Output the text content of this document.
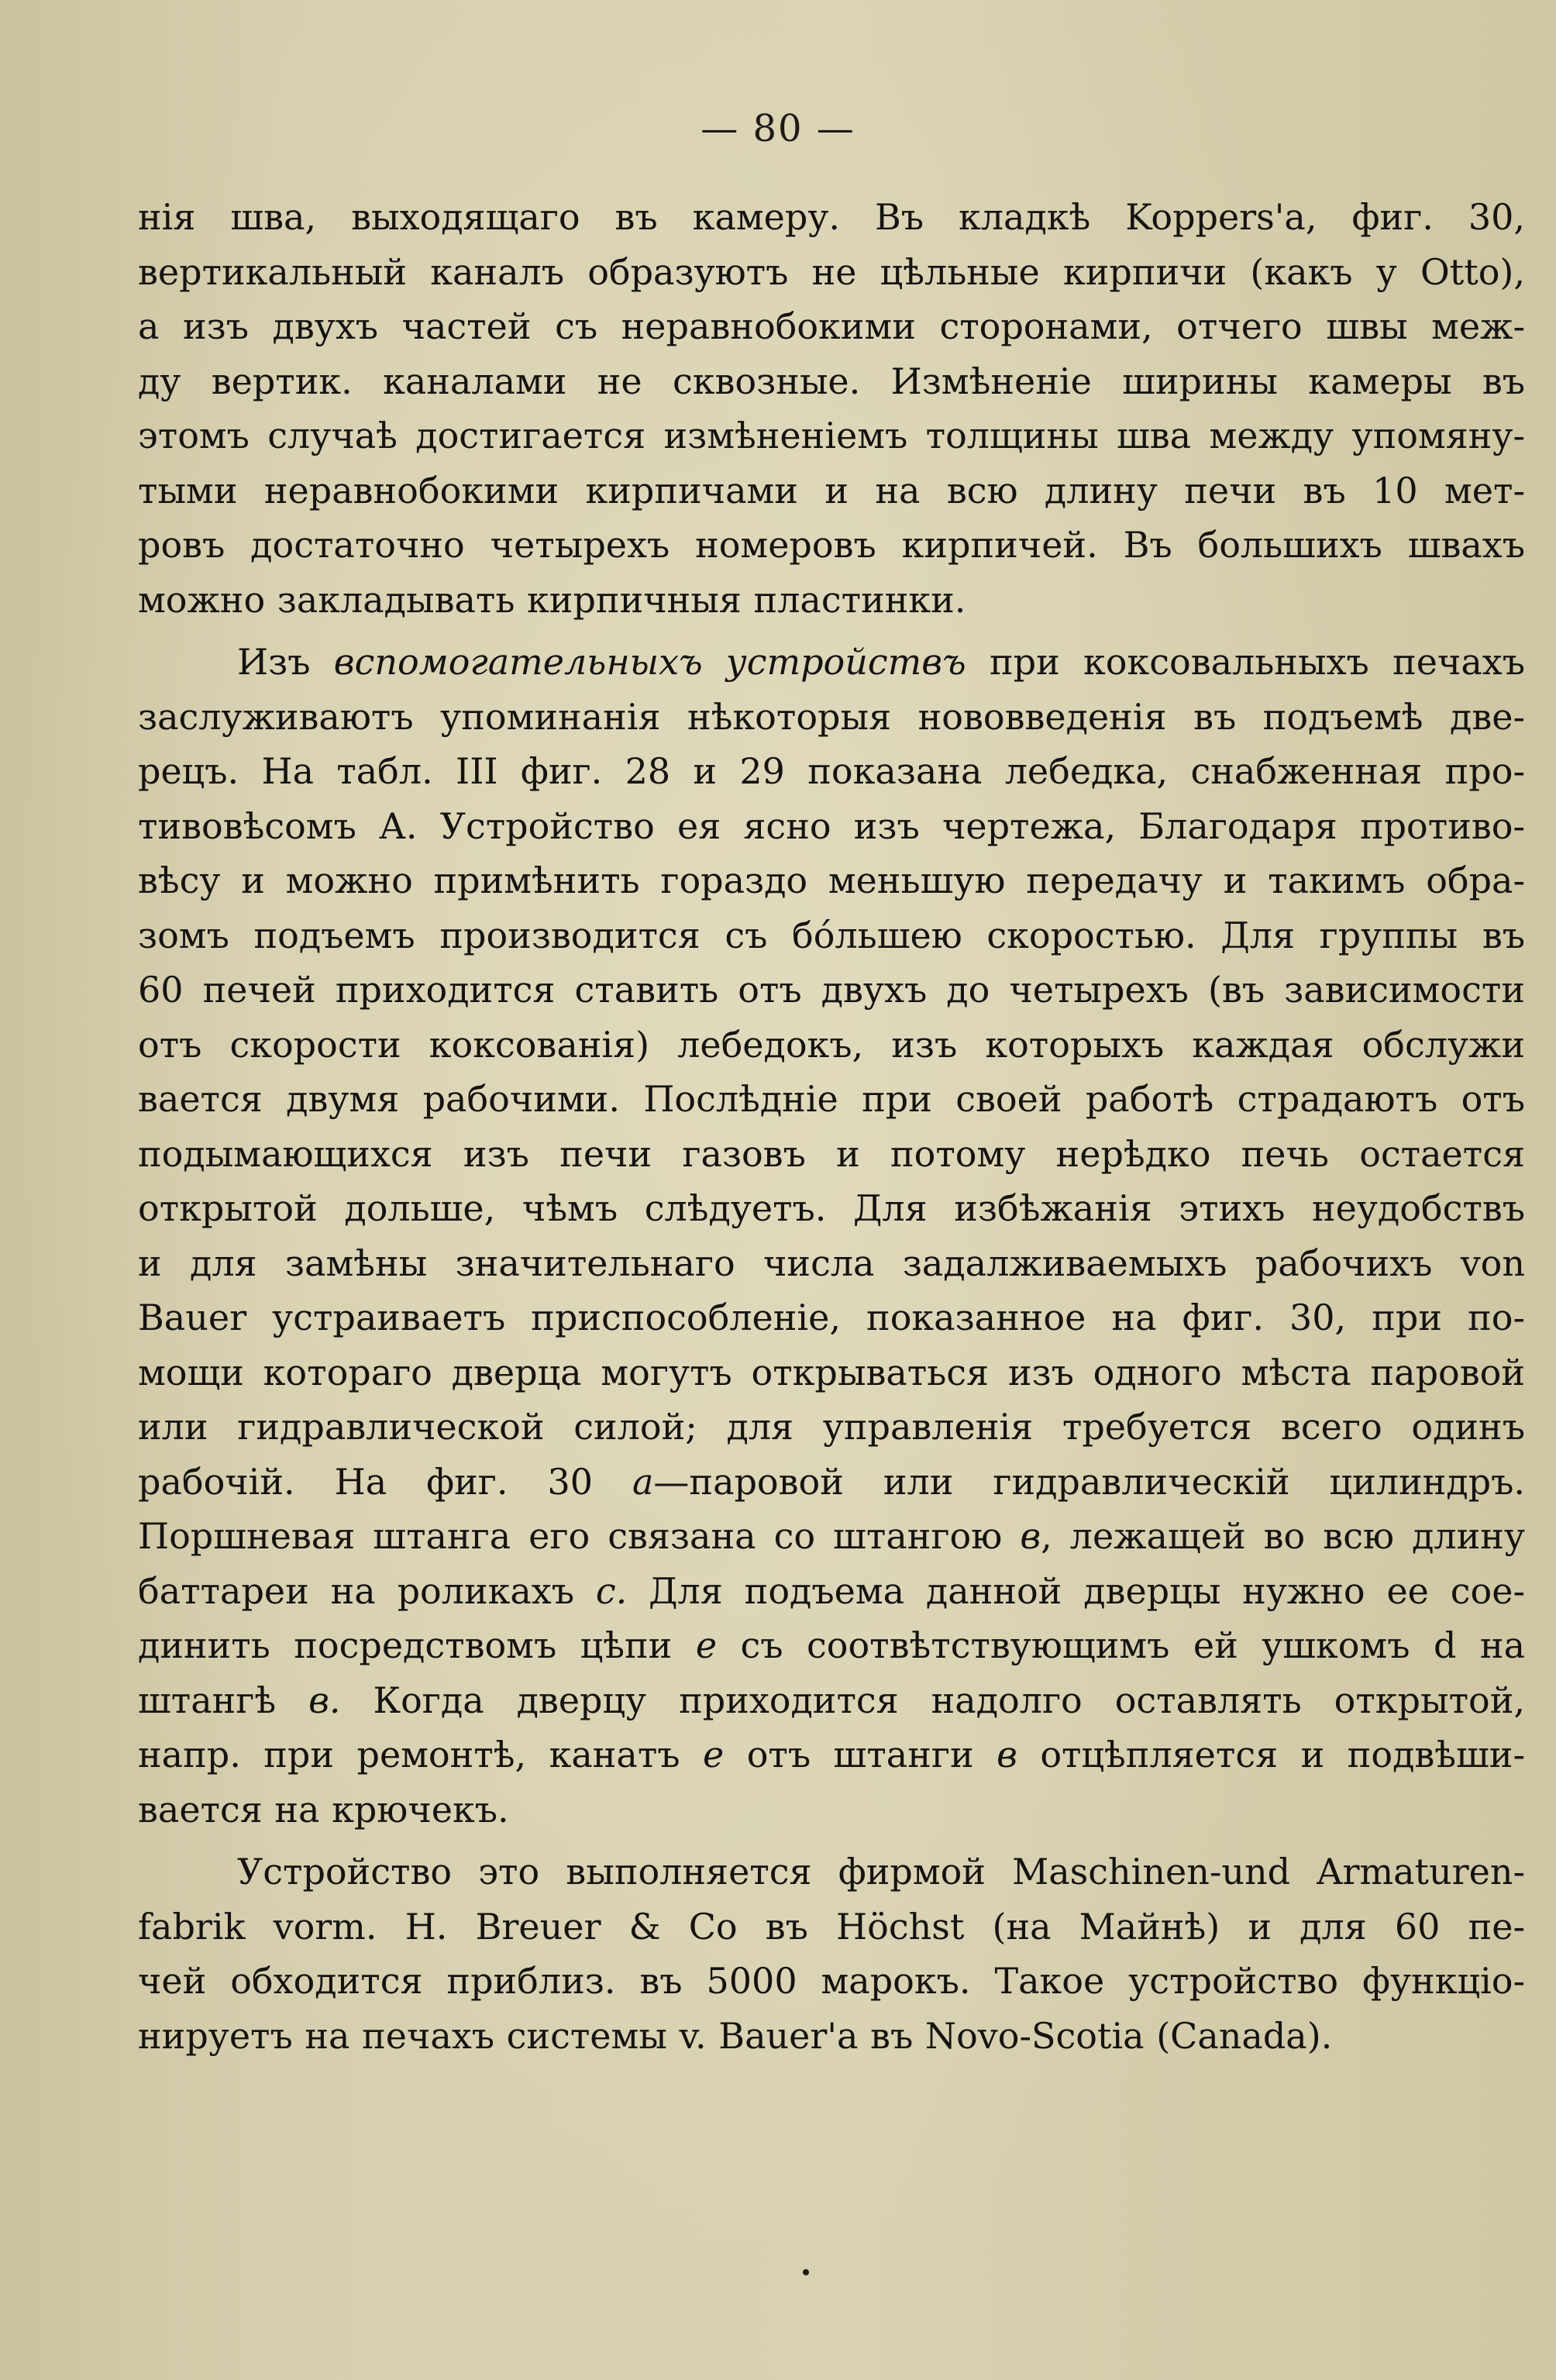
— 80 —
нія шва, выходящаго въ камеру. Въ кладкѣ Koppers'a, фиг. 30,
вертикальный каналъ образуютъ не цѣльные кирпичи (какъ у Otto),
а изъ двухъ частей съ неравнобокими сторонами, отчего швы меж-
ду вертик. каналами не сквозные. Измѣненіе ширины камеры въ
этомъ случаѣ достигается измѣненіемъ толщины шва между упомяну-
тыми неравнобокими кирпичами и на всю длину печи въ 10 мет-
ровъ достаточно четырехъ номеровъ кирпичей. Въ большихъ швахъ
можно закладывать кирпичныя пластинки.
Изъ вспомогательныхъ устройствъ при коксовальныхъ печахъ
заслуживаютъ упоминанія нѣкоторыя нововведенія въ подъемѣ две-
рецъ. На табл. III фиг. 28 и 29 показана лебедка, снабженная про-
тивовѣсомъ А. Устройство ея ясно изъ чертежа, Благодаря противо-
вѣсу и можно примѣнить гораздо меньшую передачу и такимъ обра-
зомъ подъемъ производится съ бо́льшею скоростью. Для группы въ
60 печей приходится ставить отъ двухъ до четырехъ (въ зависимости
отъ скорости коксованія) лебедокъ, изъ которыхъ каждая обслужи
вается двумя рабочими. Послѣдніе при своей работѣ страдаютъ отъ
подымающихся изъ печи газовъ и потому нерѣдко печь остается
открытой дольше, чѣмъ слѣдуетъ. Для избѣжанія этихъ неудобствъ
и для замѣны значительнаго числа задалживаемыхъ рабочихъ von
Bauer устраиваетъ приспособленіе, показанное на фиг. 30, при по-
мощи котораго дверца могутъ открываться изъ одного мѣста паровой
или гидравлической силой; для управленія требуется всего одинъ
рабочій. На фиг. 30 а—паровой или гидравлическій цилиндръ.
Поршневая штанга его связана со штангою в, лежащей во всю длину
баттареи на роликахъ с. Для подъема данной дверцы нужно ее сое-
динить посредствомъ цѣпи е съ соотвѣтствующимъ ей ушкомъ d на
штангѣ в. Когда дверцу приходится надолго оставлять открытой,
напр. при ремонтѣ, канатъ е отъ штанги в отцѣпляется и подвѣши-
вается на крючекъ.
Устройство это выполняется фирмой Maschinen-und Armaturen-
fabrik vorm. H. Breuer & Co въ Höchst (на Майнѣ) и для 60 пе-
чей обходится приблиз. въ 5000 марокъ. Такое устройство функціо-
нируетъ на печахъ системы v. Bauer'a въ Novo-Scotia (Canada).
